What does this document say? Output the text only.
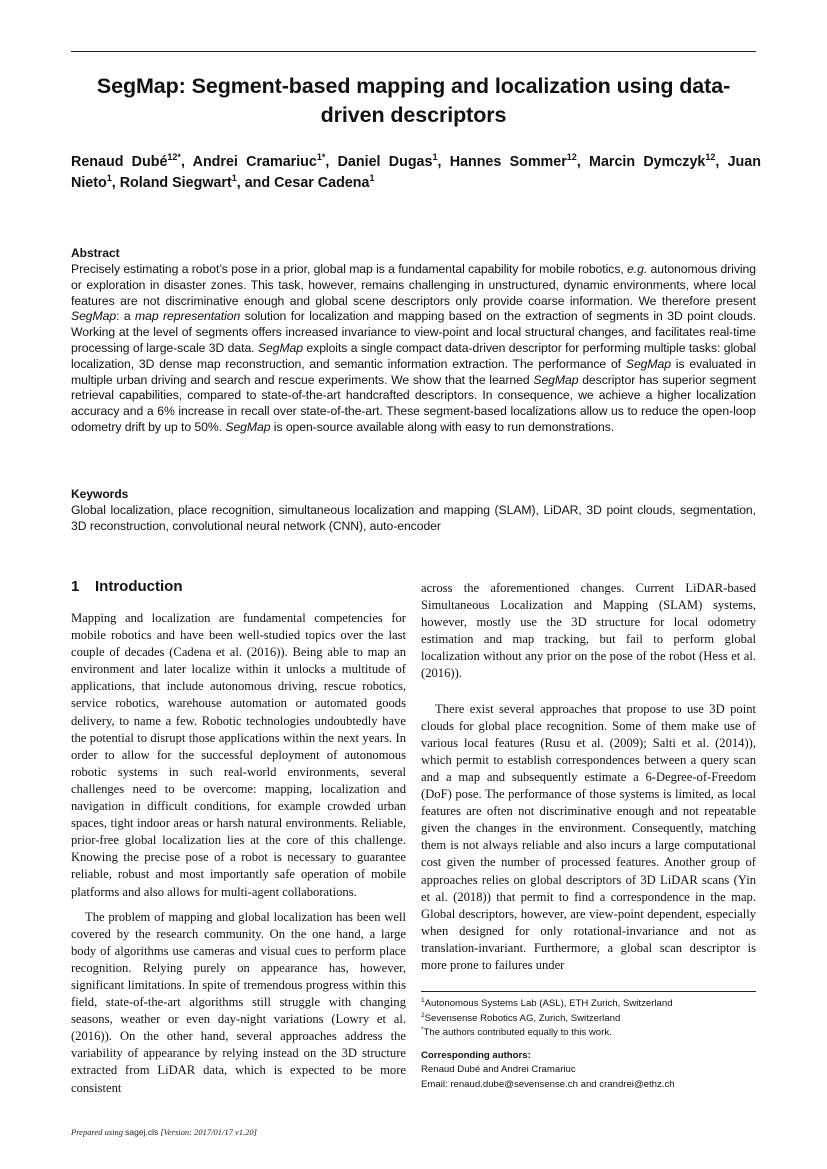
SegMap: Segment-based mapping and localization using data-driven descriptors
Renaud Dubé$^{12*}$, Andrei Cramariuc$^{1*}$, Daniel Dugas$^1$, Hannes Sommer$^{12}$, Marcin Dymczyk$^{12}$, Juan Nieto$^1$, Roland Siegwart$^1$, and Cesar Cadena$^1$
Abstract

Precisely estimating a robot’s pose in a prior, global map is a fundamental capability for mobile robotics, e.g. autonomous driving or exploration in disaster zones. This task, however, remains challenging in unstructured, dynamic environments, where local features are not discriminative enough and global scene descriptors only provide coarse information. We therefore present SegMap: a map representation solution for localization and mapping based on the extraction of segments in 3D point clouds. Working at the level of segments offers increased invariance to view-point and local structural changes, and facilitates real-time processing of large-scale 3D data. SegMap exploits a single compact data-driven descriptor for performing multiple tasks: global localization, 3D dense map reconstruction, and semantic information extraction. The performance of SegMap is evaluated in multiple urban driving and search and rescue experiments. We show that the learned SegMap descriptor has superior segment retrieval capabilities, compared to state-of-the-art handcrafted descriptors. In consequence, we achieve a higher localization accuracy and a 6% increase in recall over state-of-the-art. These segment-based localizations allow us to reduce the open-loop odometry drift by up to 50%. SegMap is open-source available along with easy to run demonstrations.

Keywords

Global localization, place recognition, simultaneous localization and mapping (SLAM), LiDAR, 3D point clouds, segmentation, 3D reconstruction, convolutional neural network (CNN), auto-encoder

1 Introduction

Mapping and localization are fundamental competencies for mobile robotics and have been well-studied topics over the last couple of decades (Cadena et al. (2016)). Being able to map an environment and later localize within it unlocks a multitude of applications, that include autonomous driving, rescue robotics, service robotics, warehouse automation or automated goods delivery, to name a few. Robotic technologies undoubtedly have the potential to disrupt those applications within the next years. In order to allow for the successful deployment of autonomous robotic systems in such real-world environments, several challenges need to be overcome: mapping, localization and navigation in difficult conditions, for example crowded urban spaces, tight indoor areas or harsh natural environments. Reliable, prior-free global localization lies at the core of this challenge. Knowing the precise pose of a robot is necessary to guarantee reliable, robust and most importantly safe operation of mobile platforms and also allows for multi-agent collaborations.

The problem of mapping and global localization has been well covered by the research community. On the one hand, a large body of algorithms use cameras and visual cues to perform place recognition. Relying purely on appearance has, however, significant limitations. In spite of tremendous progress within this field, state-of-the-art algorithms still struggle with changing seasons, weather or even day-night variations (Lowry et al. (2016)). On the other hand, several approaches address the variability of appearance by relying instead on the 3D structure extracted from LiDAR data, which is expected to be more consistent

across the aforementioned changes. Current LiDAR-based Simultaneous Localization and Mapping (SLAM) systems, however, mostly use the 3D structure for local odometry estimation and map tracking, but fail to perform global localization without any prior on the pose of the robot (Hess et al. (2016)).

There exist several approaches that propose to use 3D point clouds for global place recognition. Some of them make use of various local features (Rusu et al. (2009); Salti et al. (2014)), which permit to establish correspondences between a query scan and a map and subsequently estimate a 6-Degree-of-Freedom (DoF) pose. The performance of those systems is limited, as local features are often not discriminative enough and not repeatable given the changes in the environment. Consequently, matching them is not always reliable and also incurs a large computational cost given the number of processed features. Another group of approaches relies on global descriptors of 3D LiDAR scans (Yin et al. (2018)) that permit to find a correspondence in the map. Global descriptors, however, are view-point dependent, especially when designed for only rotational-invariance and not as translation-invariant. Furthermore, a global scan descriptor is more prone to failures under

$^1$Autonomous Systems Lab (ASL), ETH Zurich, Switzerland
$^2$Sevensense Robotics AG, Zurich, Switzerland
*The authors contributed equally to this work.
Corresponding authors:
Renaud Dubé and Andrei Cramariuc
Email: renaud.dube@sevensense.ch and crandrei@ethz.ch
Prepared using sagej.cls [Version: 2017/01/17 v1.20]
